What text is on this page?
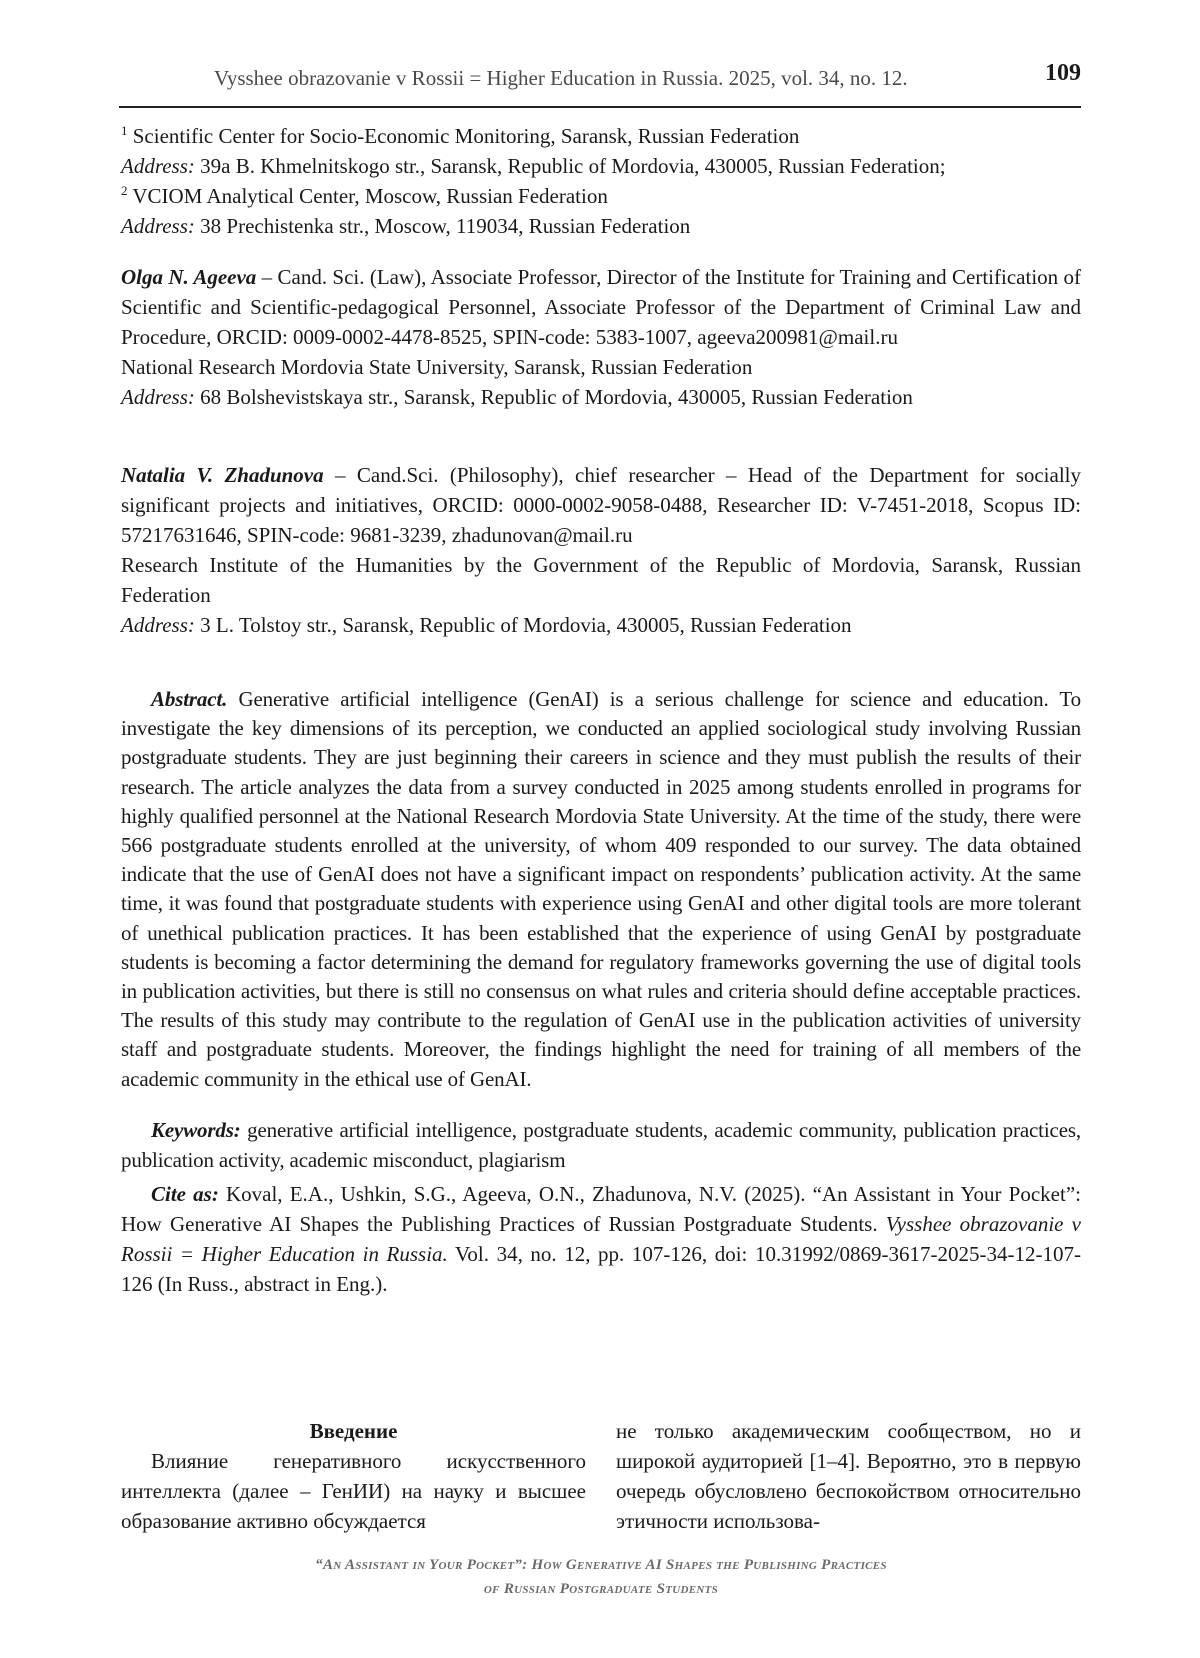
Vysshee obrazovanie v Rossii = Higher Education in Russia. 2025, vol. 34, no. 12.	109
$^1$ Scientific Center for Socio-Economic Monitoring, Saransk, Russian Federation
Address: 39a B. Khmelnitskogo str., Saransk, Republic of Mordovia, 430005, Russian Federation;
$^2$ VCIOM Analytical Center, Moscow, Russian Federation
Address: 38 Prechistenka str., Moscow, 119034, Russian Federation
Olga N. Ageeva – Cand. Sci. (Law), Associate Professor, Director of the Institute for Training and Certification of Scientific and Scientific-pedagogical Personnel, Associate Professor of the Department of Criminal Law and Procedure, ORCID: 0009-0002-4478-8525, SPIN-code: 5383-1007, ageeva200981@mail.ru
National Research Mordovia State University, Saransk, Russian Federation
Address: 68 Bolshevistskaya str., Saransk, Republic of Mordovia, 430005, Russian Federation
Natalia V. Zhadunova – Cand.Sci. (Philosophy), chief researcher – Head of the Department for socially significant projects and initiatives, ORCID: 0000-0002-9058-0488, Researcher ID: V-7451-2018, Scopus ID: 57217631646, SPIN-code: 9681-3239, zhadunovan@mail.ru
Research Institute of the Humanities by the Government of the Republic of Mordovia, Saransk, Russian Federation
Address: 3 L. Tolstoy str., Saransk, Republic of Mordovia, 430005, Russian Federation
Abstract. Generative artificial intelligence (GenAI) is a serious challenge for science and education. To investigate the key dimensions of its perception, we conducted an applied sociological study involving Russian postgraduate students. They are just beginning their careers in science and they must publish the results of their research. The article analyzes the data from a survey conducted in 2025 among students enrolled in programs for highly qualified personnel at the National Research Mordovia State University. At the time of the study, there were 566 postgraduate students enrolled at the university, of whom 409 responded to our survey. The data obtained indicate that the use of GenAI does not have a significant impact on respondents’ publication activity. At the same time, it was found that postgraduate students with experience using GenAI and other digital tools are more tolerant of unethical publication practices. It has been established that the experience of using GenAI by postgraduate students is becoming a factor determining the demand for regulatory frameworks governing the use of digital tools in publication activities, but there is still no consensus on what rules and criteria should define acceptable practices. The results of this study may contribute to the regulation of GenAI use in the publication activities of university staff and postgraduate students. Moreover, the findings highlight the need for training of all members of the academic community in the ethical use of GenAI.
Keywords: generative artificial intelligence, postgraduate students, academic community, publication practices, publication activity, academic misconduct, plagiarism
Cite as: Koval, E.A., Ushkin, S.G., Ageeva, O.N., Zhadunova, N.V. (2025). “An Assistant in Your Pocket”: How Generative AI Shapes the Publishing Practices of Russian Postgraduate Students. Vysshee obrazovanie v Rossii = Higher Education in Russia. Vol. 34, no. 12, pp. 107-126, doi: 10.31992/0869-3617-2025-34-12-107-126 (In Russ., abstract in Eng.).

Введение

Влияние генеративного искусственного интеллекта (далее – ГенИИ) на науку и высшее образование активно обсуждается

не только академическим сообществом, но и широкой аудиторией [1–4]. Вероятно, это в первую очередь обусловлено беспокойством относительно этичности использова-

“An Assistant in Your Pocket”: How Generative AI Shapes the Publishing Practices
of Russian Postgraduate Students
